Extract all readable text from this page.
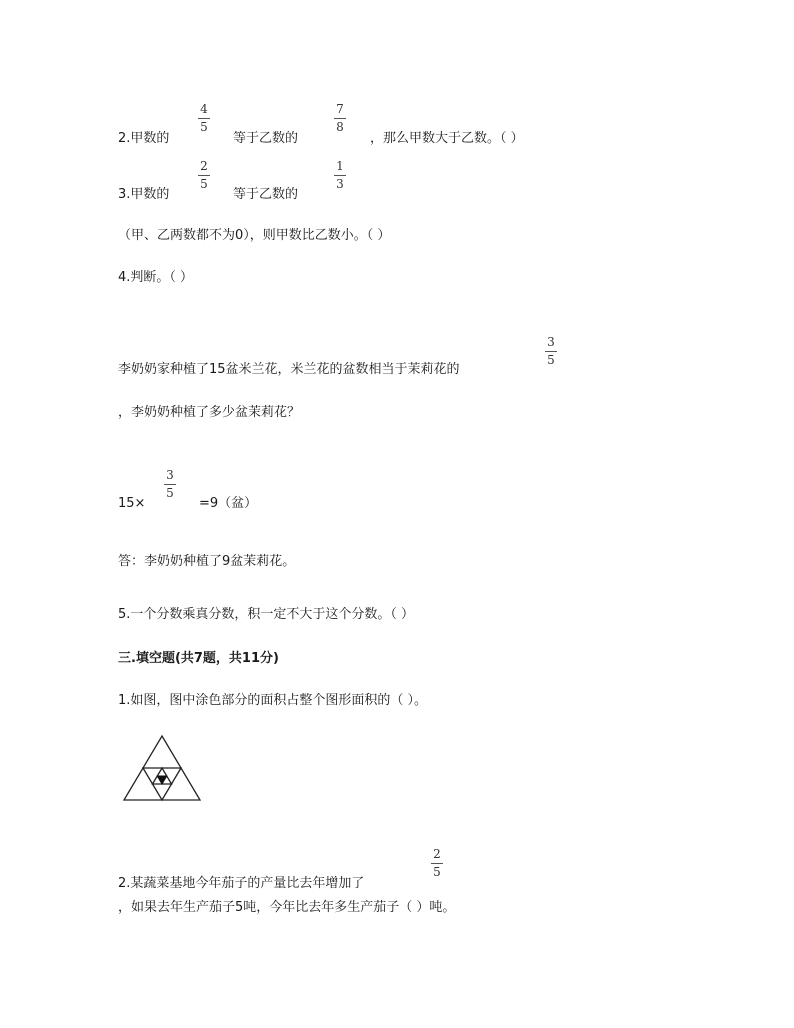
2.甲数的
4
5
等于乙数的
7
8
，那么甲数大于乙数。（ ）
3.甲数的
2
5
等于乙数的
1
3
（甲、乙两数都不为0），则甲数比乙数小。（ ）
4.判断。（ ）
李奶奶家种植了15盆米兰花，米兰花的盆数相当于茉莉花的
3
5
，李奶奶种植了多少盆茉莉花？
15×
3
5
=9（盆）
答：李奶奶种植了9盆茉莉花。
5.一个分数乘真分数，积一定不大于这个分数。（ ）
三.填空题(共7题，共11分)
1.如图，图中涂色部分的面积占整个图形面积的（ ）。
2.某蔬菜基地今年茄子的产量比去年增加了
2
5
，如果去年生产茄子5吨，今年比去年多生产茄子（ ）吨。
